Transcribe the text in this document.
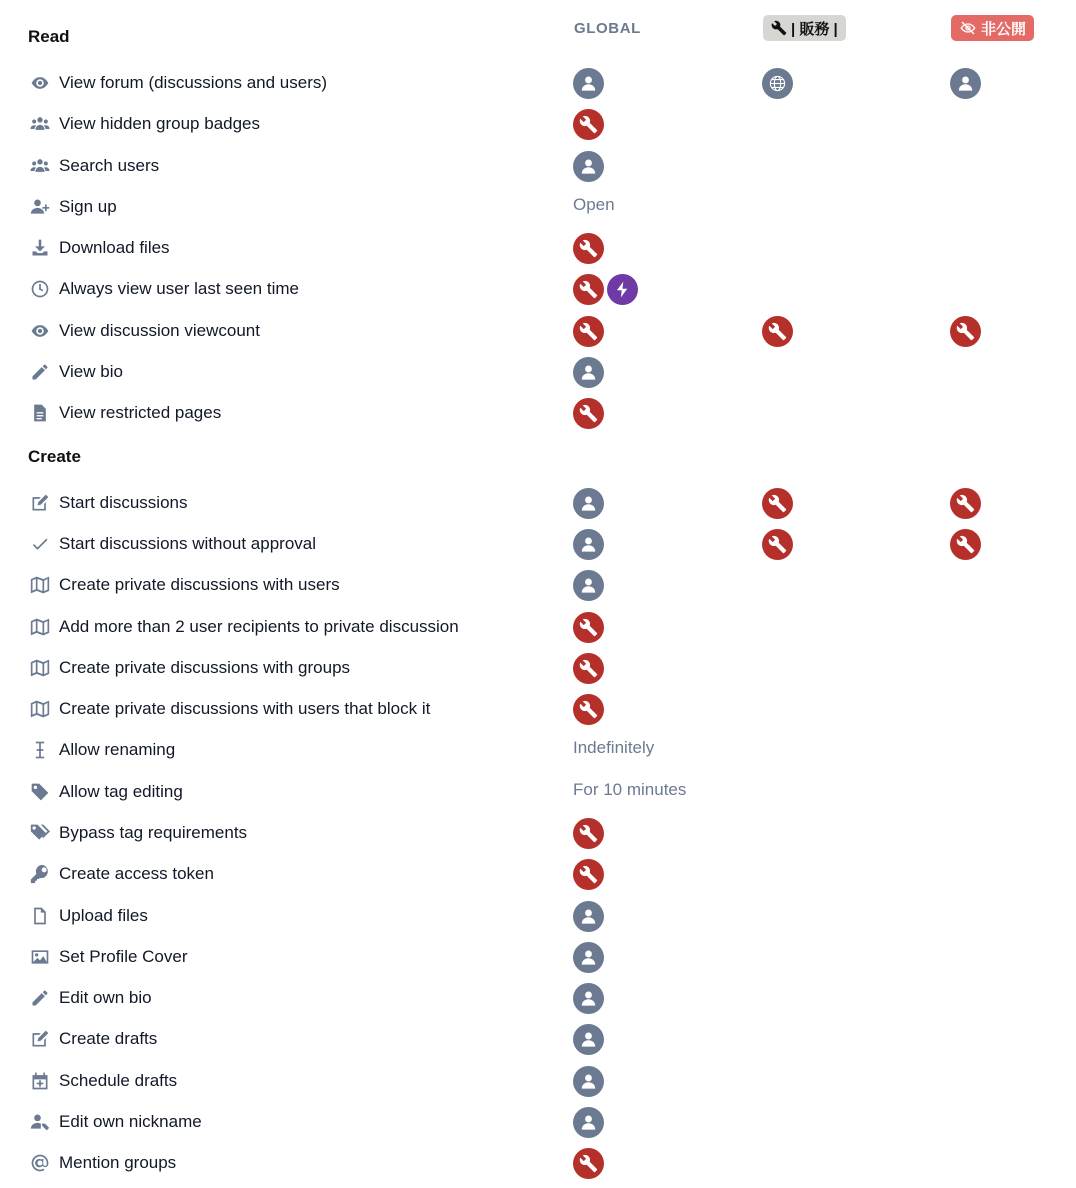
GLOBAL	| 販務 |	非公開
Read
View forum (discussions and users)
View hidden group badges
Search users
Sign up	Open
Download files
Always view user last seen time
View discussion viewcount
View bio
View restricted pages
Create
Start discussions
Start discussions without approval
Create private discussions with users
Add more than 2 user recipients to private discussion
Create private discussions with groups
Create private discussions with users that block it
Allow renaming	Indefinitely
Allow tag editing	For 10 minutes
Bypass tag requirements
Create access token
Upload files
Set Profile Cover
Edit own bio
Create drafts
Schedule drafts
Edit own nickname
Mention groups
